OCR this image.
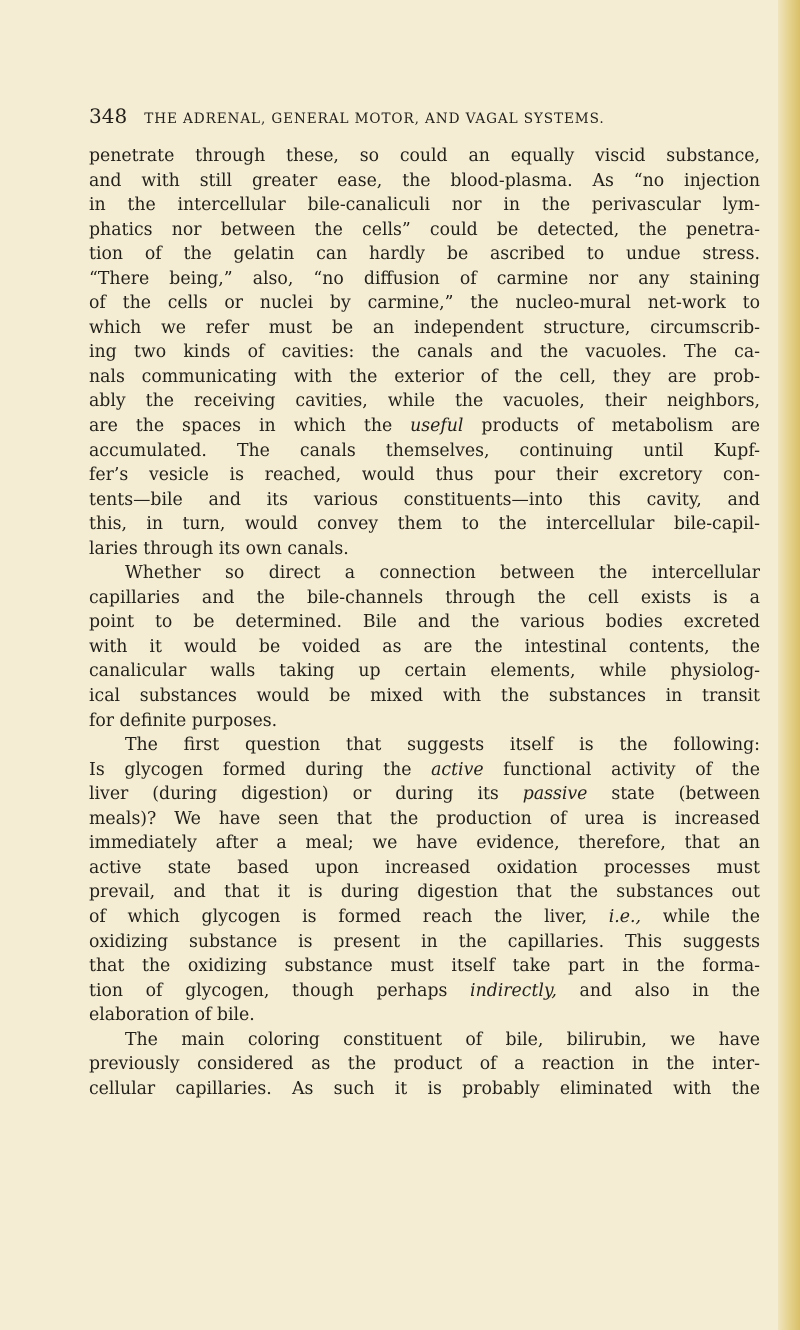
348 THE ADRENAL, GENERAL MOTOR, AND VAGAL SYSTEMS.
penetrate through these, so could an equally viscid substance,
and with still greater ease, the blood-plasma. As “no injection
in the intercellular bile-canaliculi nor in the perivascular lym-
phatics nor between the cells” could be detected, the penetra-
tion of the gelatin can hardly be ascribed to undue stress.
“There being,” also, “no diffusion of carmine nor any staining
of the cells or nuclei by carmine,” the nucleo-mural net-work to
which we refer must be an independent structure, circumscrib-
ing two kinds of cavities: the canals and the vacuoles. The ca-
nals communicating with the exterior of the cell, they are prob-
ably the receiving cavities, while the vacuoles, their neighbors,
are the spaces in which the useful products of metabolism are
accumulated. The canals themselves, continuing until Kupf-
fer’s vesicle is reached, would thus pour their excretory con-
tents—bile and its various constituents—into this cavity, and
this, in turn, would convey them to the intercellular bile-capil-
laries through its own canals.
Whether so direct a connection between the intercellular
capillaries and the bile-channels through the cell exists is a
point to be determined. Bile and the various bodies excreted
with it would be voided as are the intestinal contents, the
canalicular walls taking up certain elements, while physiolog-
ical substances would be mixed with the substances in transit
for definite purposes.
The first question that suggests itself is the following:
Is glycogen formed during the active functional activity of the
liver (during digestion) or during its passive state (between
meals)? We have seen that the production of urea is increased
immediately after a meal; we have evidence, therefore, that an
active state based upon increased oxidation processes must
prevail, and that it is during digestion that the substances out
of which glycogen is formed reach the liver, i.e., while the
oxidizing substance is present in the capillaries. This suggests
that the oxidizing substance must itself take part in the forma-
tion of glycogen, though perhaps indirectly, and also in the
elaboration of bile.
The main coloring constituent of bile, bilirubin, we have
previously considered as the product of a reaction in the inter-
cellular capillaries. As such it is probably eliminated with the
